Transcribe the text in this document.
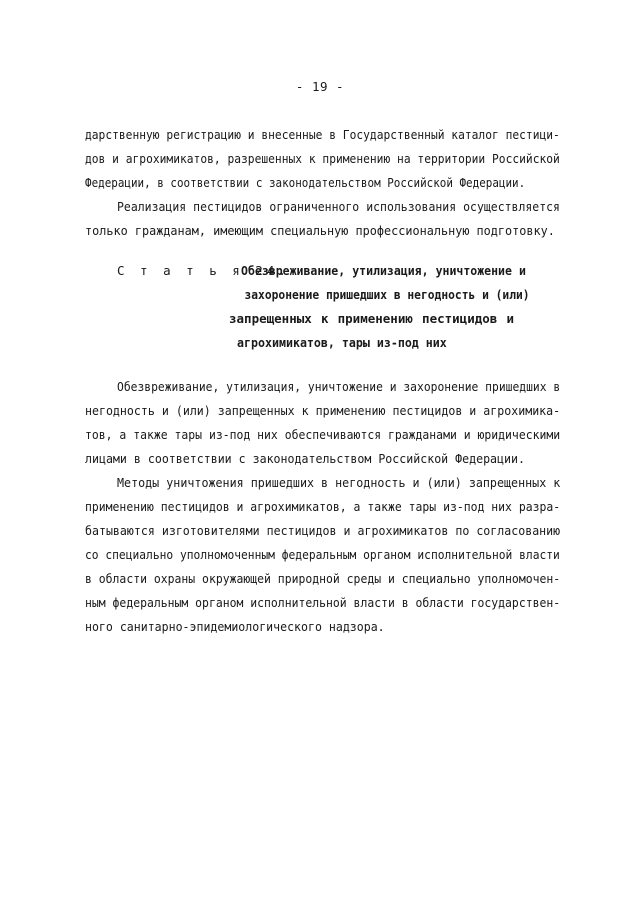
- 19 -
дарственную регистрацию и внесенные в Государственный каталог пестици-
дов и агрохимикатов, разрешенных к применению на территории Российской
Федерации, в соответствии с законодательством Российской Федерации.
Реализация пестицидов ограниченного использования осуществляется
только гражданам, имеющим специальную профессиональную подготовку.
С т а т ь я 24.
Обезвреживание, утилизация, уничтожение и
захоронение пришедших в негодность и (или)
запрещенных к применению пестицидов и
агрохимикатов, тары из-под них
Обезвреживание, утилизация, уничтожение и захоронение пришедших в
негодность и (или) запрещенных к применению пестицидов и агрохимика-
тов, а также тары из-под них обеспечиваются гражданами и юридическими
лицами в соответствии с законодательством Российской Федерации.
Методы уничтожения пришедших в негодность и (или) запрещенных к
применению пестицидов и агрохимикатов, а также тары из-под них разра-
батываются изготовителями пестицидов и агрохимикатов по согласованию
со специально уполномоченным федеральным органом исполнительной власти
в области охраны окружающей природной среды и специально уполномочен-
ным федеральным органом исполнительной власти в области государствен-
ного санитарно-эпидемиологического надзора.
